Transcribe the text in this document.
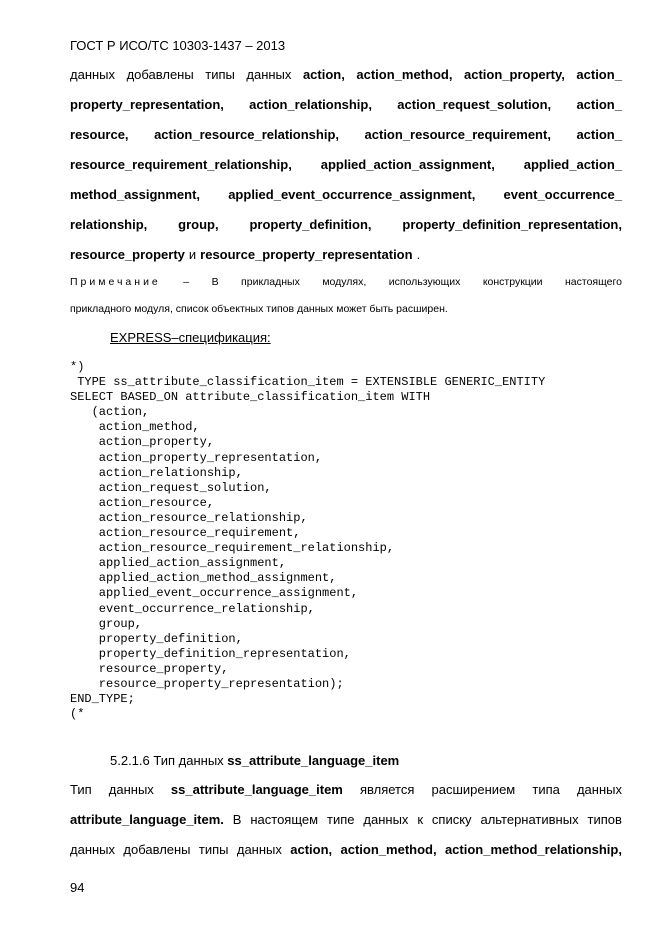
ГОСТ Р ИСО/ТС 10303-1437 – 2013
данных добавлены типы данных action, action_method, action_property, action_
property_representation, action_relationship, action_request_solution, action_
resource, action_resource_relationship, action_resource_requirement, action_
resource_requirement_relationship, applied_action_assignment, applied_action_
method_assignment, applied_event_occurrence_assignment, event_occurrence_
relationship, group, property_definition, property_definition_representation,
resource_property и resource_property_representation .
Примечание – В прикладных модулях, использующих конструкции настоящего
прикладного модуля, список объектных типов данных может быть расширен.
EXPRESS–спецификация:
*)
TYPE ss_attribute_classification_item = EXTENSIBLE GENERIC_ENTITY
SELECT BASED_ON attribute_classification_item WITH
(action,
action_method,
action_property,
action_property_representation,
action_relationship,
action_request_solution,
action_resource,
action_resource_relationship,
action_resource_requirement,
action_resource_requirement_relationship,
applied_action_assignment,
applied_action_method_assignment,
applied_event_occurrence_assignment,
event_occurrence_relationship,
group,
property_definition,
property_definition_representation,
resource_property,
resource_property_representation);
END_TYPE;
(*
5.2.1.6 Тип данных ss_attribute_language_item
Тип данных ss_attribute_language_item является расширением типа данных
attribute_language_item. В настоящем типе данных к списку альтернативных типов
данных добавлены типы данных action, action_method, action_method_relationship,
94
